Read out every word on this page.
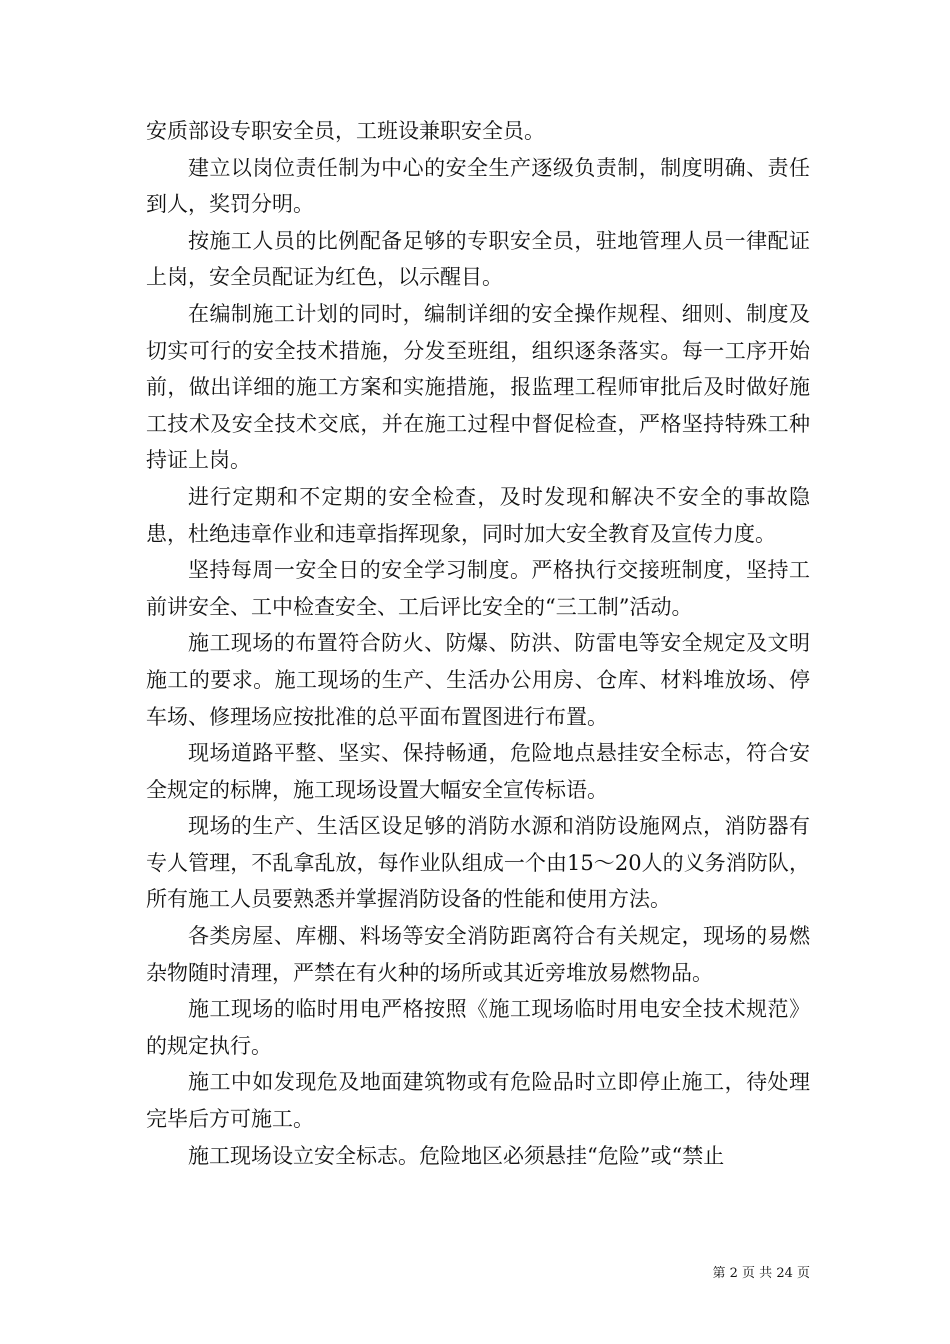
安质部设专职安全员，工班设兼职安全员。

建立以岗位责任制为中心的安全生产逐级负责制，制度明确、责任到人，奖罚分明。

按施工人员的比例配备足够的专职安全员，驻地管理人员一律配证上岗，安全员配证为红色，以示醒目。

在编制施工计划的同时，编制详细的安全操作规程、细则、制度及切实可行的安全技术措施，分发至班组，组织逐条落实。每一工序开始前，做出详细的施工方案和实施措施，报监理工程师审批后及时做好施工技术及安全技术交底，并在施工过程中督促检查，严格坚持特殊工种持证上岗。

进行定期和不定期的安全检查，及时发现和解决不安全的事故隐患，杜绝违章作业和违章指挥现象，同时加大安全教育及宣传力度。

坚持每周一安全日的安全学习制度。严格执行交接班制度，坚持工前讲安全、工中检查安全、工后评比安全的“三工制”活动。

施工现场的布置符合防火、防爆、防洪、防雷电等安全规定及文明施工的要求。施工现场的生产、生活办公用房、仓库、材料堆放场、停车场、修理场应按批准的总平面布置图进行布置。

现场道路平整、坚实、保持畅通，危险地点悬挂安全标志，符合安全规定的标牌，施工现场设置大幅安全宣传标语。

现场的生产、生活区设足够的消防水源和消防设施网点，消防器有专人管理，不乱拿乱放，每作业队组成一个由15～20人的义务消防队，所有施工人员要熟悉并掌握消防设备的性能和使用方法。

各类房屋、库棚、料场等安全消防距离符合有关规定，现场的易燃杂物随时清理，严禁在有火种的场所或其近旁堆放易燃物品。

施工现场的临时用电严格按照《施工现场临时用电安全技术规范》的规定执行。

施工中如发现危及地面建筑物或有危险品时立即停止施工，待处理完毕后方可施工。

施工现场设立安全标志。危险地区必须悬挂“危险”或“禁止

第 2 页 共 24 页
